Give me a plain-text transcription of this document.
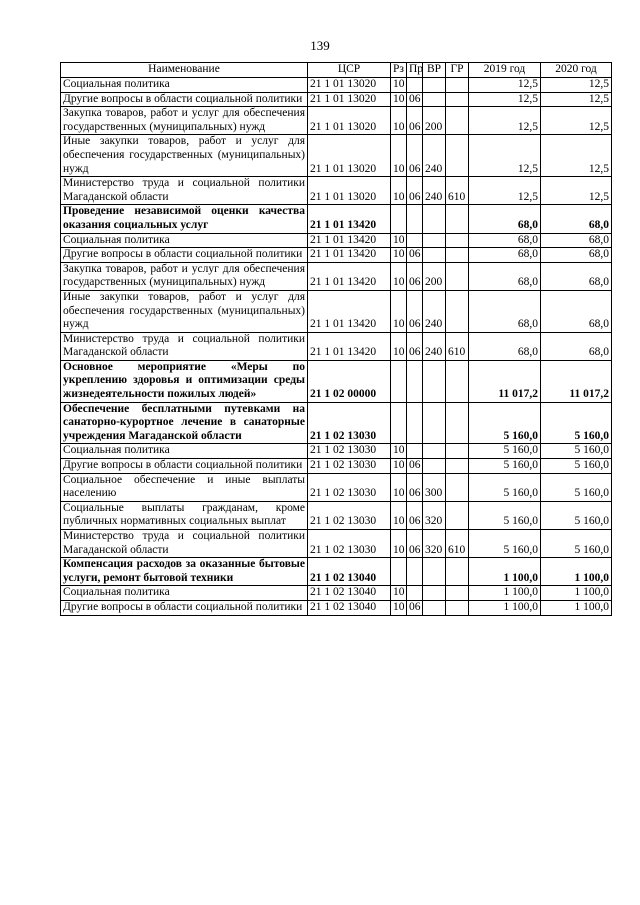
139
Наименование	ЦСР	Рз	Пр	ВР	ГР	2019 год	2020 год
Социальная политика	21 1 01 13020	10				12,5	12,5
Другие вопросы в области социальной политики	21 1 01 13020	10	06			12,5	12,5
Закупка товаров, работ и услуг для обеспечения государственных (муниципальных) нужд	21 1 01 13020	10	06	200		12,5	12,5
Иные закупки товаров, работ и услуг для обеспечения государственных (муниципальных) нужд	21 1 01 13020	10	06	240		12,5	12,5
Министерство труда и социальной политики Магаданской области	21 1 01 13020	10	06	240	610	12,5	12,5
Проведение независимой оценки качества оказания социальных услуг	21 1 01 13420					68,0	68,0
Социальная политика	21 1 01 13420	10				68,0	68,0
Другие вопросы в области социальной политики	21 1 01 13420	10	06			68,0	68,0
Закупка товаров, работ и услуг для обеспечения государственных (муниципальных) нужд	21 1 01 13420	10	06	200		68,0	68,0
Иные закупки товаров, работ и услуг для обеспечения государственных (муниципальных) нужд	21 1 01 13420	10	06	240		68,0	68,0
Министерство труда и социальной политики Магаданской области	21 1 01 13420	10	06	240	610	68,0	68,0
Основное мероприятие «Меры по укреплению здоровья и оптимизации среды жизнедеятельности пожилых людей»	21 1 02 00000					11 017,2	11 017,2
Обеспечение бесплатными путевками на санаторно-курортное лечение в санаторные учреждения Магаданской области	21 1 02 13030					5 160,0	5 160,0
Социальная политика	21 1 02 13030	10				5 160,0	5 160,0
Другие вопросы в области социальной политики	21 1 02 13030	10	06			5 160,0	5 160,0
Социальное обеспечение и иные выплаты населению	21 1 02 13030	10	06	300		5 160,0	5 160,0
Социальные выплаты гражданам, кроме публичных нормативных социальных выплат	21 1 02 13030	10	06	320		5 160,0	5 160,0
Министерство труда и социальной политики Магаданской области	21 1 02 13030	10	06	320	610	5 160,0	5 160,0
Компенсация расходов за оказанные бытовые услуги, ремонт бытовой техники	21 1 02 13040					1 100,0	1 100,0
Социальная политика	21 1 02 13040	10				1 100,0	1 100,0
Другие вопросы в области социальной политики	21 1 02 13040	10	06			1 100,0	1 100,0
